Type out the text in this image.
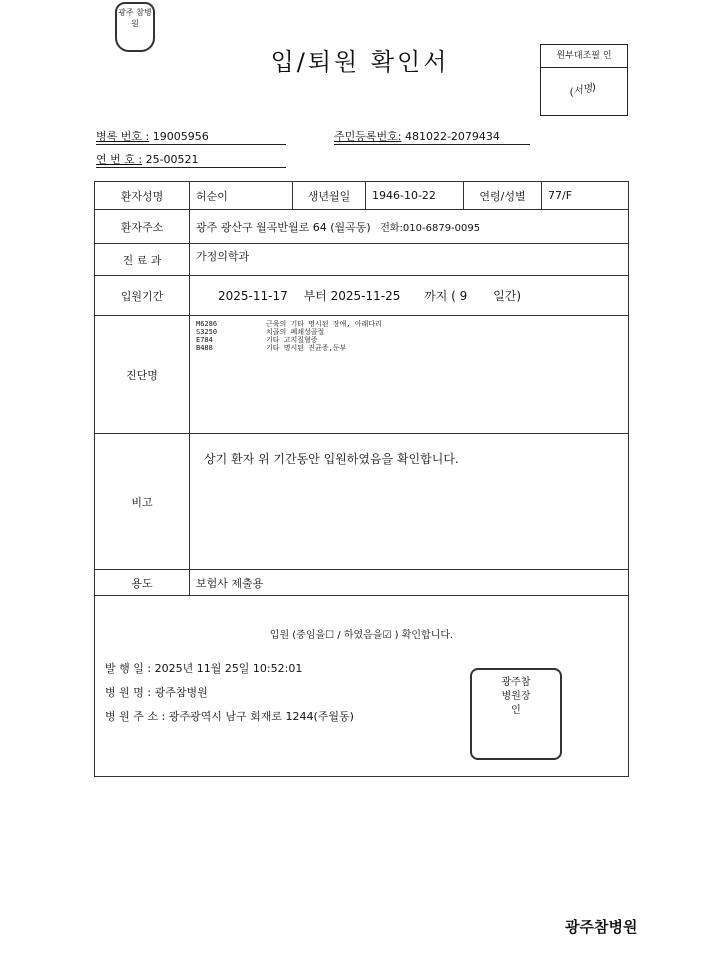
광주 참병원
입/퇴원 확인서	원부대조필 인
(서명)
병록 번호 : 19005956
연 번 호 : 25-00521
주민등록번호: 481022-2079434
환자성명	허순이	생년월일	1946-10-22	연령/성별	77/F
환자주소	광주 광산구 월곡반월로 64 (월곡동) 전화:010-6879-0095				
진 료 과	가정의학과				
입원기간	2025-11-17 부터 2025-11-25 까지 ( 9 일간)				
진단명	M6286 근육의 기타 명시된 장애, 아래다리
S3250 치골의 폐쇄성골절
E784 기타 고지질혈증
B488 기타 명시된 진균증,둔부				

비고	상기 환자 위 기간동안 입원하였음을 확인합니다.				
용도	보험사 제출용				

입원 (중임을☐ / 하였음을☑ ) 확인합니다.
발 행 일 : 2025년 11월 25일 10:52:01
병 원 명 : 광주참병원
병 원 주 소 : 광주광역시 남구 회재로 1244(주월동)					
광주참
병원장
인
광주참병원
